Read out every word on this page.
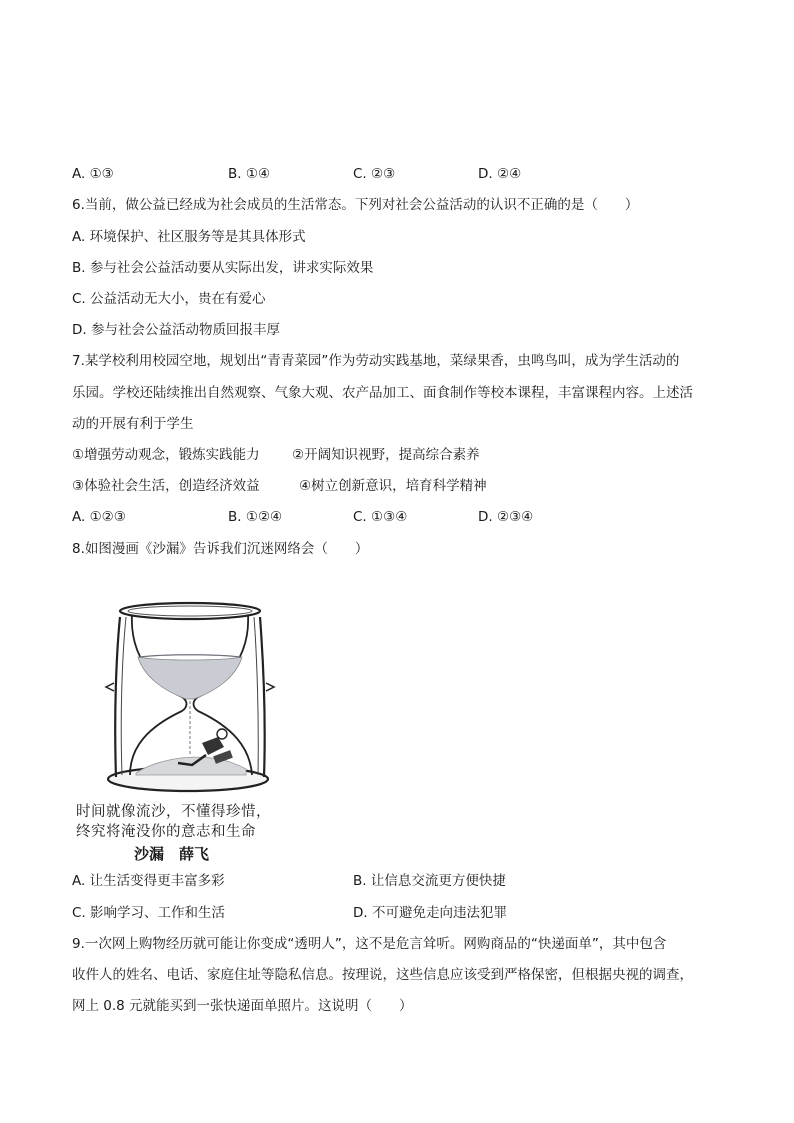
A. ①③	B. ①④	C. ②③	D. ②④
6.当前，做公益已经成为社会成员的生活常态。下列对社会公益活动的认识不正确的是（　　）
A. 环境保护、社区服务等是其具体形式
B. 参与社会公益活动要从实际出发，讲求实际效果
C. 公益活动无大小，贵在有爱心
D. 参与社会公益活动物质回报丰厚
7.某学校利用校园空地，规划出“青青菜园”作为劳动实践基地，菜绿果香，虫鸣鸟叫，成为学生活动的
乐园。学校还陆续推出自然观察、气象大观、农产品加工、面食制作等校本课程，丰富课程内容。上述活
动的开展有利于学生
①增强劳动观念，锻炼实践能力 ②开阔知识视野，提高综合素养
③体验社会生活，创造经济效益	④树立创新意识，培育科学精神
A. ①②③	B. ①②④	C. ①③④	D. ②③④
8.如图漫画《沙漏》告诉我们沉迷网络会（　　）
时间就像流沙，不懂得珍惜，
终究将淹没你的意志和生命
沙漏　薛飞
A. 让生活变得更丰富多彩	B. 让信息交流更方便快捷
C. 影响学习、工作和生活	D. 不可避免走向违法犯罪
9.一次网上购物经历就可能让你变成“透明人”，这不是危言耸听。网购商品的“快递面单”，其中包含
收件人的姓名、电话、家庭住址等隐私信息。按理说，这些信息应该受到严格保密，但根据央视的调查，
网上 0.8 元就能买到一张快递面单照片。这说明（　　）
